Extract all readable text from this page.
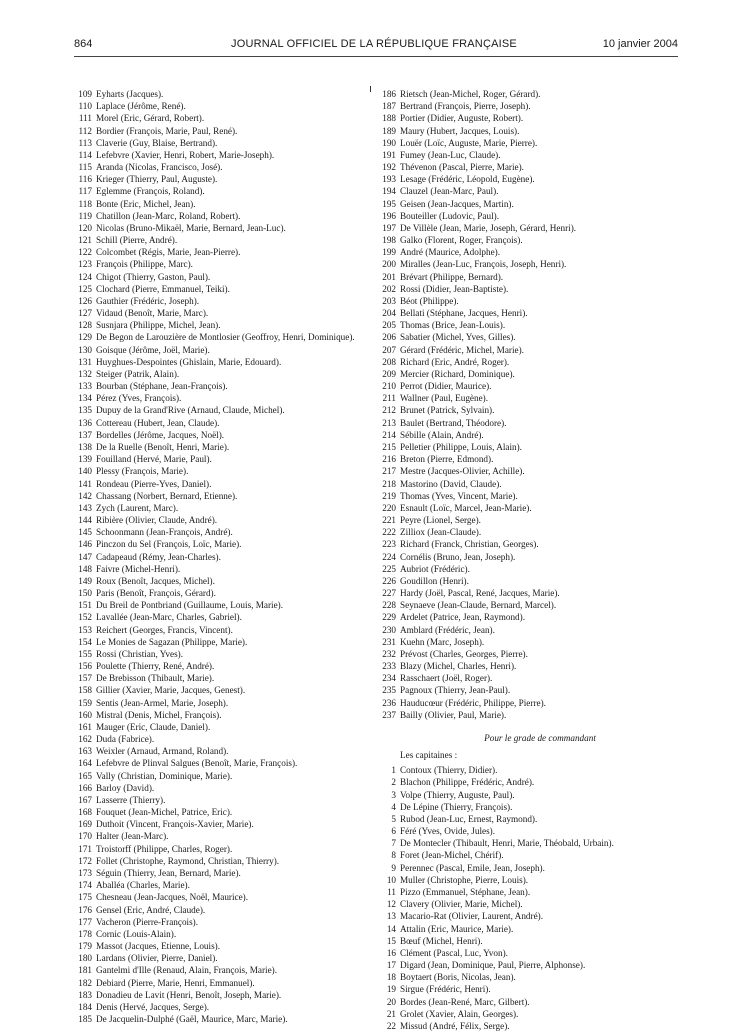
864	JOURNAL OFFICIEL DE LA RÉPUBLIQUE FRANÇAISE	10 janvier 2004
109 Eyharts (Jacques).
110 Laplace (Jérôme, René).
111 Morel (Eric, Gérard, Robert).
112 Bordier (François, Marie, Paul, René).
113 Claverie (Guy, Blaise, Bertrand).
114 Lefebvre (Xavier, Henri, Robert, Marie-Joseph).
115 Aranda (Nicolas, Francisco, José).
116 Krieger (Thierry, Paul, Auguste).
117 Eglemme (François, Roland).
118 Bonte (Eric, Michel, Jean).
119 Chatillon (Jean-Marc, Roland, Robert).
120 Nicolas (Bruno-Mikaël, Marie, Bernard, Jean-Luc).
121 Schill (Pierre, André).
122 Colcombet (Régis, Marie, Jean-Pierre).
123 François (Philippe, Marc).
124 Chigot (Thierry, Gaston, Paul).
125 Clochard (Pierre, Emmanuel, Teiki).
126 Gauthier (Frédéric, Joseph).
127 Vidaud (Benoît, Marie, Marc).
128 Susnjara (Philippe, Michel, Jean).
129 De Begon de Larouzière de Montlosier (Geoffroy, Henri, Dominique).
130 Goisque (Jérôme, Joël, Marie).
131 Huyghues-Despointes (Ghislain, Marie, Edouard).
132 Steiger (Patrik, Alain).
133 Bourban (Stéphane, Jean-François).
134 Pérez (Yves, François).
135 Dupuy de la Grand'Rive (Arnaud, Claude, Michel).
136 Cottereau (Hubert, Jean, Claude).
137 Bordelles (Jérôme, Jacques, Noël).
138 De la Ruelle (Benoît, Henri, Marie).
139 Fouilland (Hervé, Marie, Paul).
140 Plessy (François, Marie).
141 Rondeau (Pierre-Yves, Daniel).
142 Chassang (Norbert, Bernard, Etienne).
143 Zych (Laurent, Marc).
144 Ribière (Olivier, Claude, André).
145 Schoonmann (Jean-François, André).
146 Pinczon du Sel (François, Loïc, Marie).
147 Cadapeaud (Rémy, Jean-Charles).
148 Faivre (Michel-Henri).
149 Roux (Benoît, Jacques, Michel).
150 Paris (Benoît, François, Gérard).
151 Du Breil de Pontbriand (Guillaume, Louis, Marie).
152 Lavallée (Jean-Marc, Charles, Gabriel).
153 Reichert (Georges, Francis, Vincent).
154 Le Monies de Sagazan (Philippe, Marie).
155 Rossi (Christian, Yves).
156 Poulette (Thierry, René, André).
157 De Brebisson (Thibault, Marie).
158 Gillier (Xavier, Marie, Jacques, Genest).
159 Sentis (Jean-Armel, Marie, Joseph).
160 Mistral (Denis, Michel, François).
161 Mauger (Eric, Claude, Daniel).
162 Duda (Fabrice).
163 Weixler (Arnaud, Armand, Roland).
164 Lefebvre de Plinval Salgues (Benoît, Marie, François).
165 Vally (Christian, Dominique, Marie).
166 Barloy (David).
167 Lasserre (Thierry).
168 Fouquet (Jean-Michel, Patrice, Eric).
169 Duthoit (Vincent, François-Xavier, Marie).
170 Halter (Jean-Marc).
171 Troistorff (Philippe, Charles, Roger).
172 Follet (Christophe, Raymond, Christian, Thierry).
173 Séguin (Thierry, Jean, Bernard, Marie).
174 Aballéa (Charles, Marie).
175 Chesneau (Jean-Jacques, Noël, Maurice).
176 Gensel (Eric, André, Claude).
177 Vacheron (Pierre-François).
178 Cornic (Louis-Alain).
179 Massot (Jacques, Etienne, Louis).
180 Lardans (Olivier, Pierre, Daniel).
181 Gantelmi d'Ille (Renaud, Alain, François, Marie).
182 Debiard (Pierre, Marie, Henri, Emmanuel).
183 Donadieu de Lavit (Henri, Benoît, Joseph, Marie).
184 Denis (Hervé, Jacques, Serge).
185 De Jacquelin-Dulphé (Gaël, Maurice, Marc, Marie).
186 Rietsch (Jean-Michel, Roger, Gérard).
187 Bertrand (François, Pierre, Joseph).
188 Portier (Didier, Auguste, Robert).
189 Maury (Hubert, Jacques, Louis).
190 Louër (Loïc, Auguste, Marie, Pierre).
191 Fumey (Jean-Luc, Claude).
192 Thévenon (Pascal, Pierre, Marie).
193 Lesage (Frédéric, Léopold, Eugène).
194 Clauzel (Jean-Marc, Paul).
195 Geisen (Jean-Jacques, Martin).
196 Bouteiller (Ludovic, Paul).
197 De Villèle (Jean, Marie, Joseph, Gérard, Henri).
198 Galko (Florent, Roger, François).
199 André (Maurice, Adolphe).
200 Miralles (Jean-Luc, François, Joseph, Henri).
201 Brévart (Philippe, Bernard).
202 Rossi (Didier, Jean-Baptiste).
203 Béot (Philippe).
204 Bellati (Stéphane, Jacques, Henri).
205 Thomas (Brice, Jean-Louis).
206 Sabatier (Michel, Yves, Gilles).
207 Gérard (Frédéric, Michel, Marie).
208 Richard (Eric, André, Roger).
209 Mercier (Richard, Dominique).
210 Perrot (Didier, Maurice).
211 Wallner (Paul, Eugène).
212 Brunet (Patrick, Sylvain).
213 Baulet (Bertrand, Théodore).
214 Sébille (Alain, André).
215 Pelletier (Philippe, Louis, Alain).
216 Breton (Pierre, Edmond).
217 Mestre (Jacques-Olivier, Achille).
218 Mastorino (David, Claude).
219 Thomas (Yves, Vincent, Marie).
220 Esnault (Loïc, Marcel, Jean-Marie).
221 Peyre (Lionel, Serge).
222 Zilliox (Jean-Claude).
223 Richard (Franck, Christian, Georges).
224 Cornélis (Bruno, Jean, Joseph).
225 Aubriot (Frédéric).
226 Goudillon (Henri).
227 Hardy (Joël, Pascal, René, Jacques, Marie).
228 Seynaeve (Jean-Claude, Bernard, Marcel).
229 Ardelet (Patrice, Jean, Raymond).
230 Amblard (Frédéric, Jean).
231 Kuehn (Marc, Joseph).
232 Prévost (Charles, Georges, Pierre).
233 Blazy (Michel, Charles, Henri).
234 Rasschaert (Joël, Roger).
235 Pagnoux (Thierry, Jean-Paul).
236 Hauducœur (Frédéric, Philippe, Pierre).
237 Bailly (Olivier, Paul, Marie).
Pour le grade de commandant
Les capitaines :
1 Contoux (Thierry, Didier).
2 Blachon (Philippe, Frédéric, André).
3 Volpe (Thierry, Auguste, Paul).
4 De Lépine (Thierry, François).
5 Rubod (Jean-Luc, Ernest, Raymond).
6 Féré (Yves, Ovide, Jules).
7 De Montecler (Thibault, Henri, Marie, Théobald, Urbain).
8 Foret (Jean-Michel, Chérif).
9 Perennec (Pascal, Emile, Jean, Joseph).
10 Muller (Christophe, Pierre, Louis).
11 Pizzo (Emmanuel, Stéphane, Jean).
12 Clavery (Olivier, Marie, Michel).
13 Macario-Rat (Olivier, Laurent, André).
14 Attalin (Eric, Maurice, Marie).
15 Bœuf (Michel, Henri).
16 Clément (Pascal, Luc, Yvon).
17 Digard (Jean, Dominique, Paul, Pierre, Alphonse).
18 Boytaert (Boris, Nicolas, Jean).
19 Sirgue (Frédéric, Henri).
20 Bordes (Jean-René, Marc, Gilbert).
21 Grolet (Xavier, Alain, Georges).
22 Missud (André, Félix, Serge).
